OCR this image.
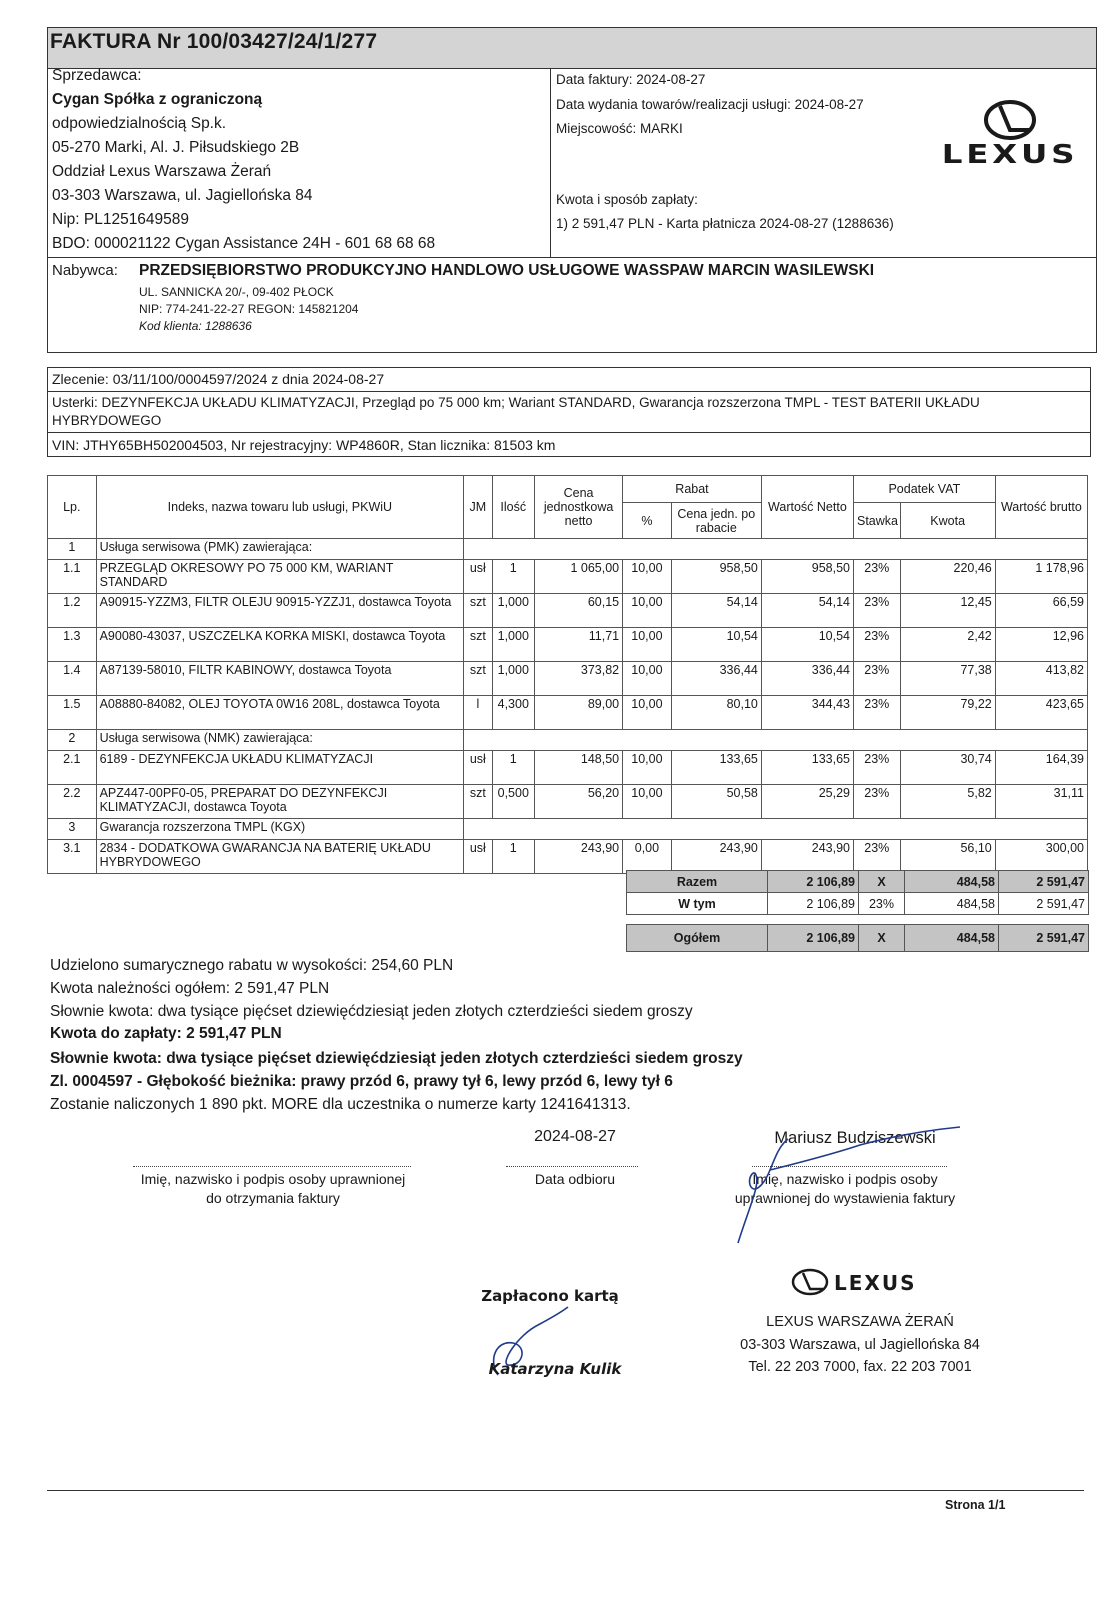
FAKTURA Nr 100/03427/24/1/277
Sprzedawca:
Cygan Spółka z ograniczoną
odpowiedzialnością Sp.k.
05-270 Marki, Al. J. Piłsudskiego 2B
Oddział Lexus Warszawa Żerań
03-303 Warszawa, ul. Jagiellońska 84
Nip: PL1251649589
BDO: 000021122 Cygan Assistance 24H - 601 68 68 68
Data faktury: 2024-08-27
Data wydania towarów/realizacji usługi: 2024-08-27
Miejscowość: MARKI
Kwota i sposób zapłaty:
1) 2 591,47 PLN - Karta płatnicza 2024-08-27 (1288636)
LEXUS
Nabywca: PRZEDSIĘBIORSTWO PRODUKCYJNO HANDLOWO USŁUGOWE WASSPAW MARCIN WASILEWSKI
UL. SANNICKA 20/-, 09-402 PŁOCK
NIP: 774-241-22-27 REGON: 145821204
Kod klienta: 1288636
Zlecenie: 03/11/100/0004597/2024 z dnia 2024-08-27
Usterki: DEZYNFEKCJA UKŁADU KLIMATYZACJI, Przegląd po 75 000 km; Wariant STANDARD, Gwarancja rozszerzona TMPL - TEST BATERII UKŁADU
HYBRYDOWEGO
VIN: JTHY65BH502004503, Nr rejestracyjny: WP4860R, Stan licznika: 81503 km
Lp.	Indeks, nazwa towaru lub usługi, PKWiU	JM	Ilość	Cena jednostkowa netto	Rabat		Wartość Netto	Podatek VAT		Wartość brutto
					%	Cena jedn. po rabacie		Stawka	Kwota	
1	Usługa serwisowa (PMK) zawierająca:									
1.1	PRZEGLĄD OKRESOWY PO 75 000 KM, WARIANT STANDARD	usł	1	1 065,00	10,00	958,50	958,50	23%	220,46	1 178,96
1.2	A90915-YZZM3, FILTR OLEJU 90915-YZZJ1, dostawca Toyota	szt	1,000	60,15	10,00	54,14	54,14	23%	12,45	66,59
1.3	A90080-43037, USZCZELKA KORKA MISKI, dostawca Toyota	szt	1,000	11,71	10,00	10,54	10,54	23%	2,42	12,96
1.4	A87139-58010, FILTR KABINOWY, dostawca Toyota	szt	1,000	373,82	10,00	336,44	336,44	23%	77,38	413,82
1.5	A08880-84082, OLEJ TOYOTA 0W16 208L, dostawca Toyota	l	4,300	89,00	10,00	80,10	344,43	23%	79,22	423,65
2	Usługa serwisowa (NMK) zawierająca:									
2.1	6189 - DEZYNFEKCJA UKŁADU KLIMATYZACJI	usł	1	148,50	10,00	133,65	133,65	23%	30,74	164,39
2.2	APZ447-00PF0-05, PREPARAT DO DEZYNFEKCJI KLIMATYZACJI, dostawca Toyota	szt	0,500	56,20	10,00	50,58	25,29	23%	5,82	31,11
3	Gwarancja rozszerzona TMPL (KGX)									
3.1	2834 - DODATKOWA GWARANCJA NA BATERIĘ UKŁADU HYBRYDOWEGO	usł	1	243,90	0,00	243,90	243,90	23%	56,10	300,00
Razem	2 106,89	X	484,58	2 591,47
W tym	2 106,89	23%	484,58	2 591,47

Ogółem	2 106,89	X	484,58	2 591,47
Udzielono sumarycznego rabatu w wysokości: 254,60 PLN
Kwota należności ogółem: 2 591,47 PLN
Słownie kwota: dwa tysiące pięćset dziewięćdziesiąt jeden złotych czterdzieści siedem groszy
Kwota do zapłaty: 2 591,47 PLN
Słownie kwota: dwa tysiące pięćset dziewięćdziesiąt jeden złotych czterdzieści siedem groszy
Zl. 0004597 - Głębokość bieżnika: prawy przód 6, prawy tył 6, lewy przód 6, lewy tył 6
Zostanie naliczonych 1 890 pkt. MORE dla uczestnika o numerze karty 1241641313.
Imię, nazwisko i podpis osoby uprawnionej
do otrzymania faktury
2024-08-27
Data odbioru
Mariusz Budziszewski
Imię, nazwisko i podpis osoby
uprawnionej do wystawienia faktury
Zapłacono kartą
Katarzyna Kulik
LEXUS
LEXUS WARSZAWA ŻERAŃ
03-303 Warszawa, ul Jagiellońska 84
Tel. 22 203 7000, fax. 22 203 7001
Strona 1/1
